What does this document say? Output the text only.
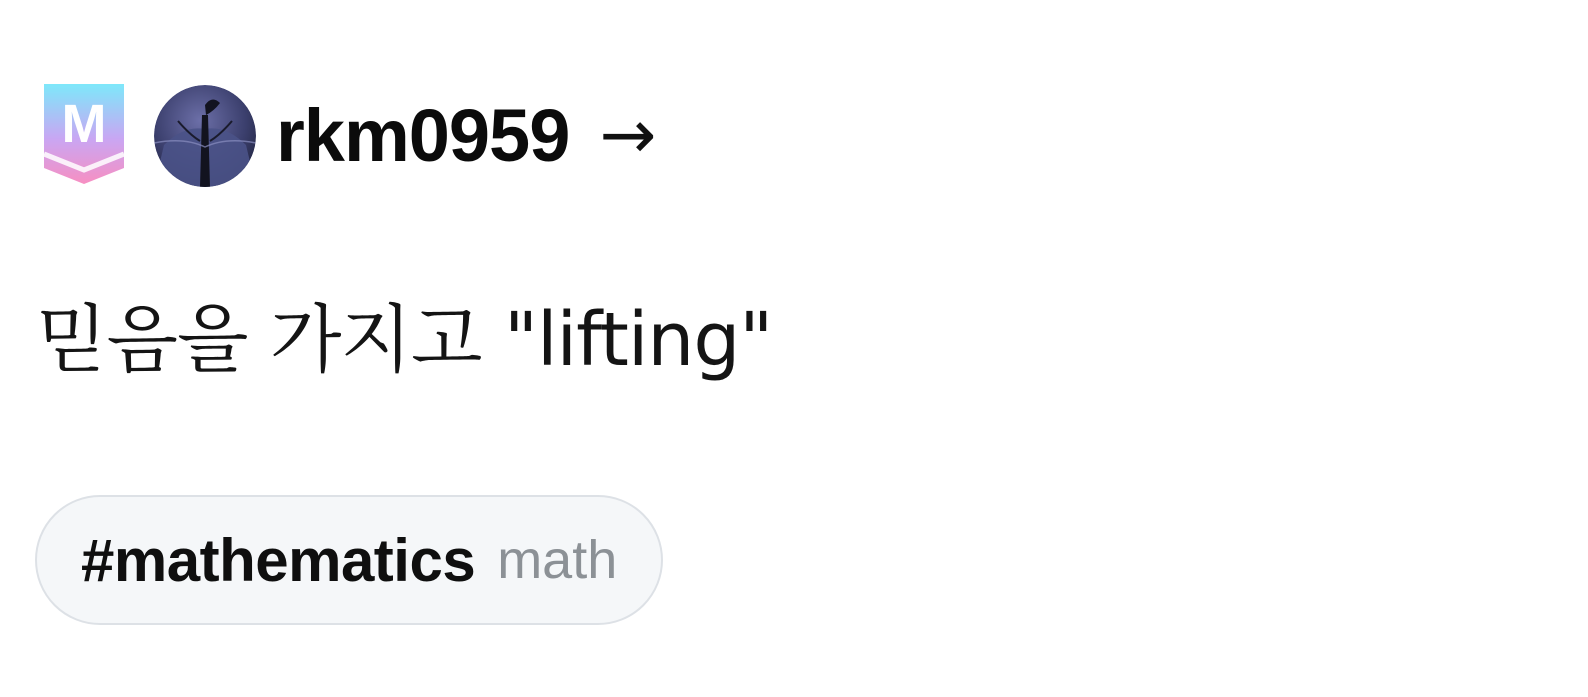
M rkm0959 →
믿음을 가지고 "lifting"
#mathematics math
